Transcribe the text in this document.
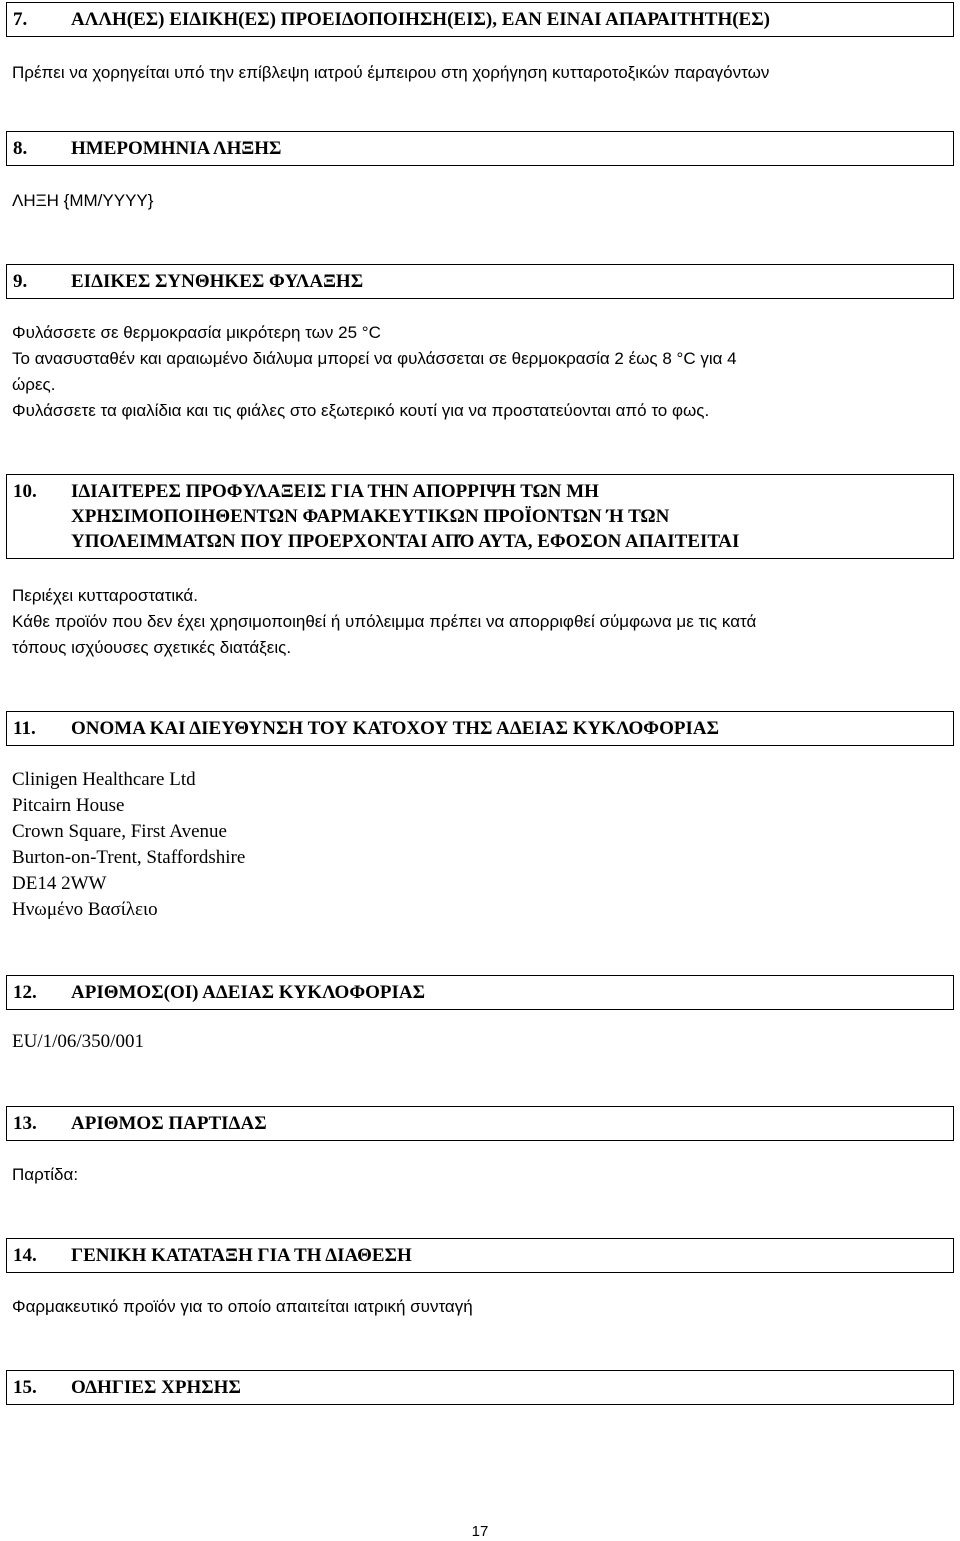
7. ΑΛΛΗ(ΕΣ) ΕΙΔΙΚΗ(ΕΣ) ΠΡΟΕΙΔΟΠΟΙΗΣΗ(ΕΙΣ), ΕΑΝ ΕΙΝΑΙ ΑΠΑΡΑΙΤΗΤΗ(ΕΣ)
Πρέπει να χορηγείται υπό την επίβλεψη ιατρού έμπειρου στη χορήγηση κυτταροτοξικών παραγόντων
8. ΗΜΕΡΟΜΗΝΙΑ ΛΗΞΗΣ
ΛΗΞΗ {MM/YYYY}
9. ΕΙΔΙΚΕΣ ΣΥΝΘΗΚΕΣ ΦΥΛΑΞΗΣ
Φυλάσσετε σε θερμοκρασία μικρότερη των 25 °C
Το ανασυσταθέν και αραιωμένο διάλυμα μπορεί να φυλάσσεται σε θερμοκρασία 2 έως 8 °C για 4
ώρες.
Φυλάσσετε τα φιαλίδια και τις φιάλες στο εξωτερικό κουτί για να προστατεύονται από το φως.
10.	ΙΔΙΑΙΤΕΡΕΣ ΠΡΟΦΥΛΑΞΕΙΣ ΓΙΑ ΤΗΝ ΑΠΟΡΡΙΨΗ ΤΩΝ ΜΗ
ΧΡΗΣΙΜΟΠΟΙΗΘΕΝΤΩΝ ΦΑΡΜΑΚΕΥΤΙΚΩΝ ΠΡΟΪΟΝΤΩΝ Ή ΤΩΝ
ΥΠΟΛΕΙΜΜΑΤΩΝ ΠΟΥ ΠΡΟΕΡΧΟΝΤΑΙ ΑΠΌ ΑΥΤΑ, ΕΦΟΣΟΝ ΑΠΑΙΤΕΙΤΑΙ
Περιέχει κυτταροστατικά.
Κάθε προϊόν που δεν έχει χρησιμοποιηθεί ή υπόλειμμα πρέπει να απορριφθεί σύμφωνα με τις κατά
τόπους ισχύουσες σχετικές διατάξεις.
11. ΟΝΟΜΑ ΚΑΙ ΔΙΕΥΘΥΝΣΗ ΤΟΥ ΚΑΤΟΧΟΥ ΤΗΣ ΑΔΕΙΑΣ ΚΥΚΛΟΦΟΡΙΑΣ
Clinigen Healthcare Ltd
Pitcairn House
Crown Square, First Avenue
Burton-on-Trent, Staffordshire
DE14 2WW
Ηνωμένο Βασίλειο
12. ΑΡΙΘΜΟΣ(ΟΙ) ΑΔΕΙΑΣ ΚΥΚΛΟΦΟΡΙΑΣ
EU/1/06/350/001
13. ΑΡΙΘΜΟΣ ΠΑΡΤΙΔΑΣ
Παρτίδα:
14. ΓΕΝΙΚΗ ΚΑΤΑΤΑΞΗ ΓΙΑ ΤΗ ΔΙΑΘΕΣΗ
Φαρμακευτικό προϊόν για το οποίο απαιτείται ιατρική συνταγή
15. ΟΔΗΓΙΕΣ ΧΡΗΣΗΣ
17
